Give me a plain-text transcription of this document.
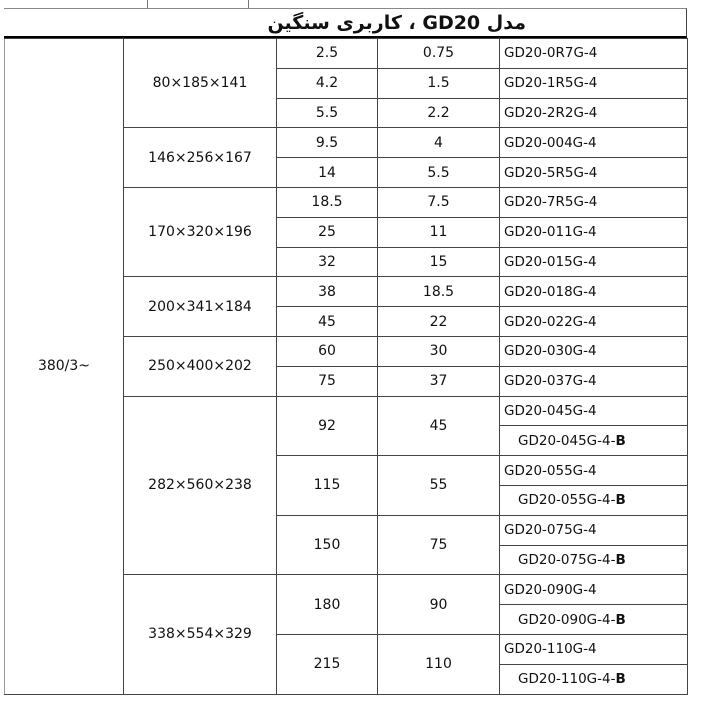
مدل GD20 ، کاربری سنگین
380/3~	80×185×141	2.5	0.75	GD20-0R7G-4
		4.2	1.5	GD20-1R5G-4
		5.5	2.2	GD20-2R2G-4
	146×256×167	9.5	4	GD20-004G-4
		14	5.5	GD20-5R5G-4
	170×320×196	18.5	7.5	GD20-7R5G-4
		25	11	GD20-011G-4
		32	15	GD20-015G-4
	200×341×184	38	18.5	GD20-018G-4
		45	22	GD20-022G-4
	250×400×202	60	30	GD20-030G-4
		75	37	GD20-037G-4
	282×560×238	92	45	GD20-045G-4
				GD20-045G-4-B
		115	55	GD20-055G-4
				GD20-055G-4-B
		150	75	GD20-075G-4
				GD20-075G-4-B
	338×554×329	180	90	GD20-090G-4
				GD20-090G-4-B
		215	110	GD20-110G-4
				GD20-110G-4-B
